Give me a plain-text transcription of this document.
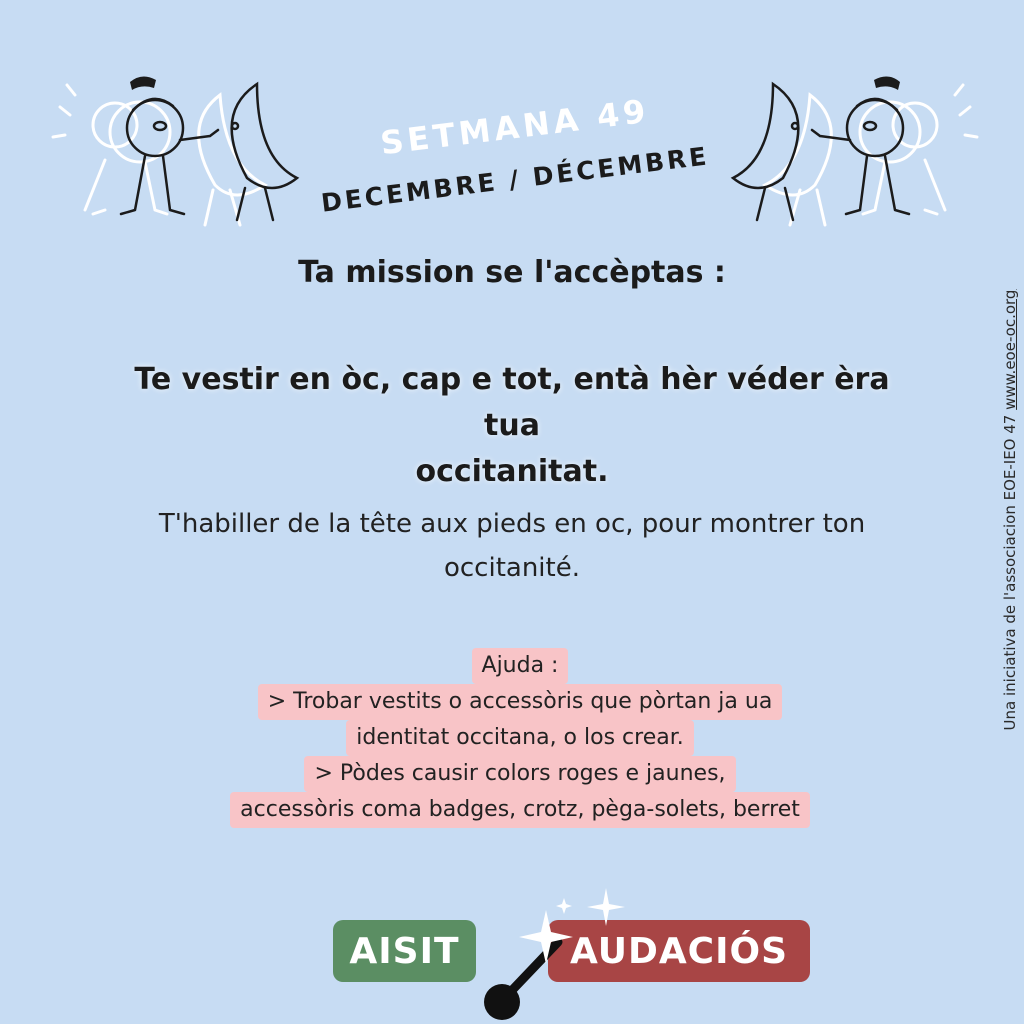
SETMANA 49
DECEMBRE / DÉCEMBRE
Ta mission se l'accèptas :
Te vestir en òc, cap e tot, entà hèr véder èra tua
occitanitat.
T'habiller de la tête aux pieds en oc, pour montrer ton
occitanité.
Ajuda :
> Trobar vestits o accessòris que pòrtan ja ua
identitat occitana, o los crear.
> Pòdes causir colors roges e jaunes,
accessòris coma badges, crotz, pèga-solets, berret
Una iniciativa de l'associacion EOE-IEO 47 www.eoe-oc.org
AISIT	AUDACIÓS
